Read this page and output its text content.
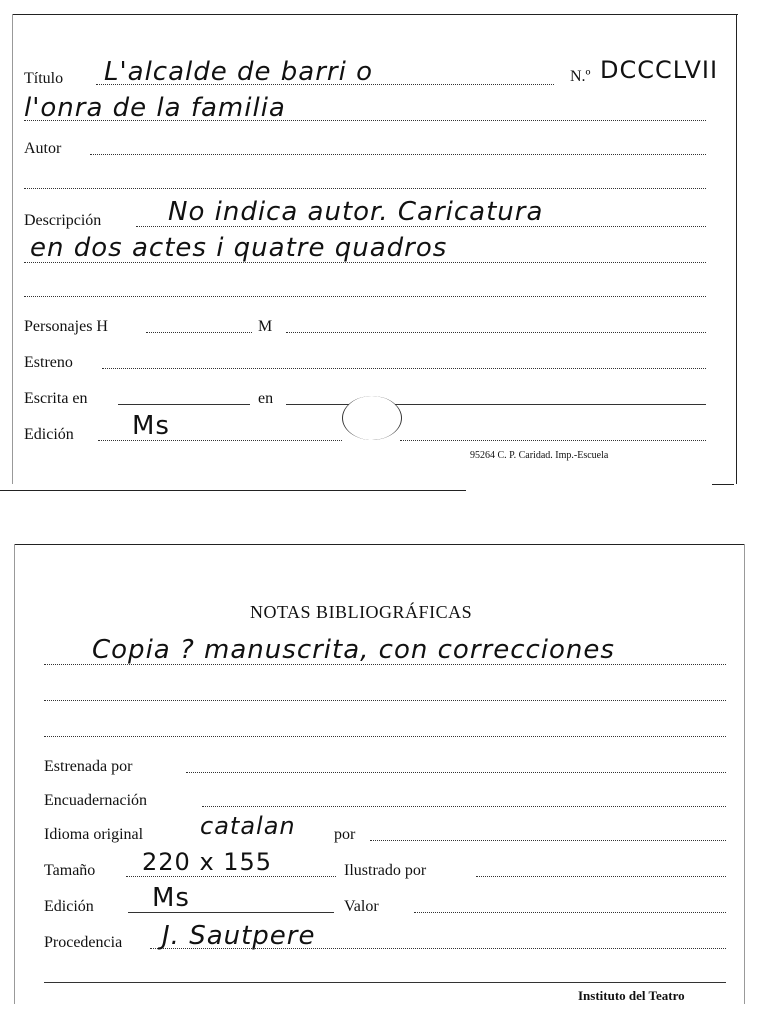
Título L'alcalde de barri o	N.º DCCCLVII
l'onra de la familia
Autor
Descripción	No indica autor. Caricatura
en dos actes i quatre quadros
Personajes H	M
Estreno
Escrita en	en
Edición Ms
95264 C. P. Caridad. Imp.-Escuela
NOTAS BIBLIOGRÁFICAS
Copia ? manuscrita, con correcciones
Estrenada por
Encuadernación
Idioma original catalan por
Tamaño 220 x 155	Ilustrado por
Edición Ms	Valor
Procedencia J. Sautpere
Instituto del Teatro
